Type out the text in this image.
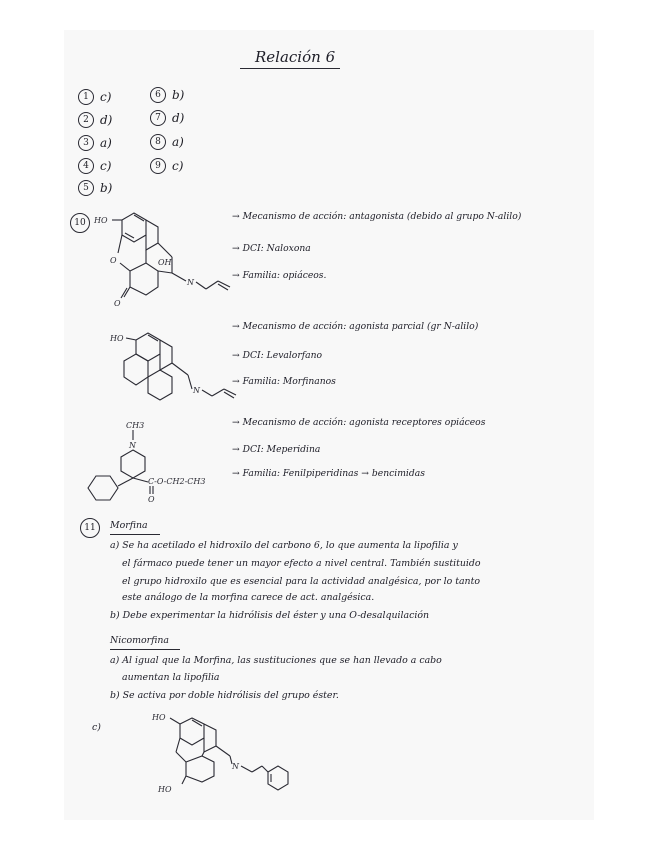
Relación 6
1 c)
2 d)
3 a)
4 c)
5 b)
6 b)
7 d)
8 a)
9 c)
10	HO
O	OH
N
O
→ Mecanismo de acción: antagonista (debido al grupo N-alilo)
→ DCI: Naloxona
→ Familia: opiáceos.
HO
N
→ Mecanismo de acción: agonista parcial (gr N-alilo)
→ DCI: Levalorfano
→ Familia: Morfinanos
CH3
N
C-O-CH2-CH3
O
→ Mecanismo de acción: agonista receptores opiáceos
→ DCI: Meperidina
→ Familia: Fenilpiperidinas → bencimidas
11	Morfina
a) Se ha acetilado el hidroxilo del carbono 6, lo que aumenta la lipofilia y
el fármaco puede tener un mayor efecto a nivel central. También sustituido
el grupo hidroxilo que es esencial para la actividad analgésica, por lo tanto
este análogo de la morfina carece de act. analgésica.
b) Debe experimentar la hidrólisis del éster y una O-desalquilación
Nicomorfina
a) Al igual que la Morfina, las sustituciones que se han llevado a cabo
aumentan la lipofilia
b) Se activa por doble hidrólisis del grupo éster.
c)
HO
N
HO
